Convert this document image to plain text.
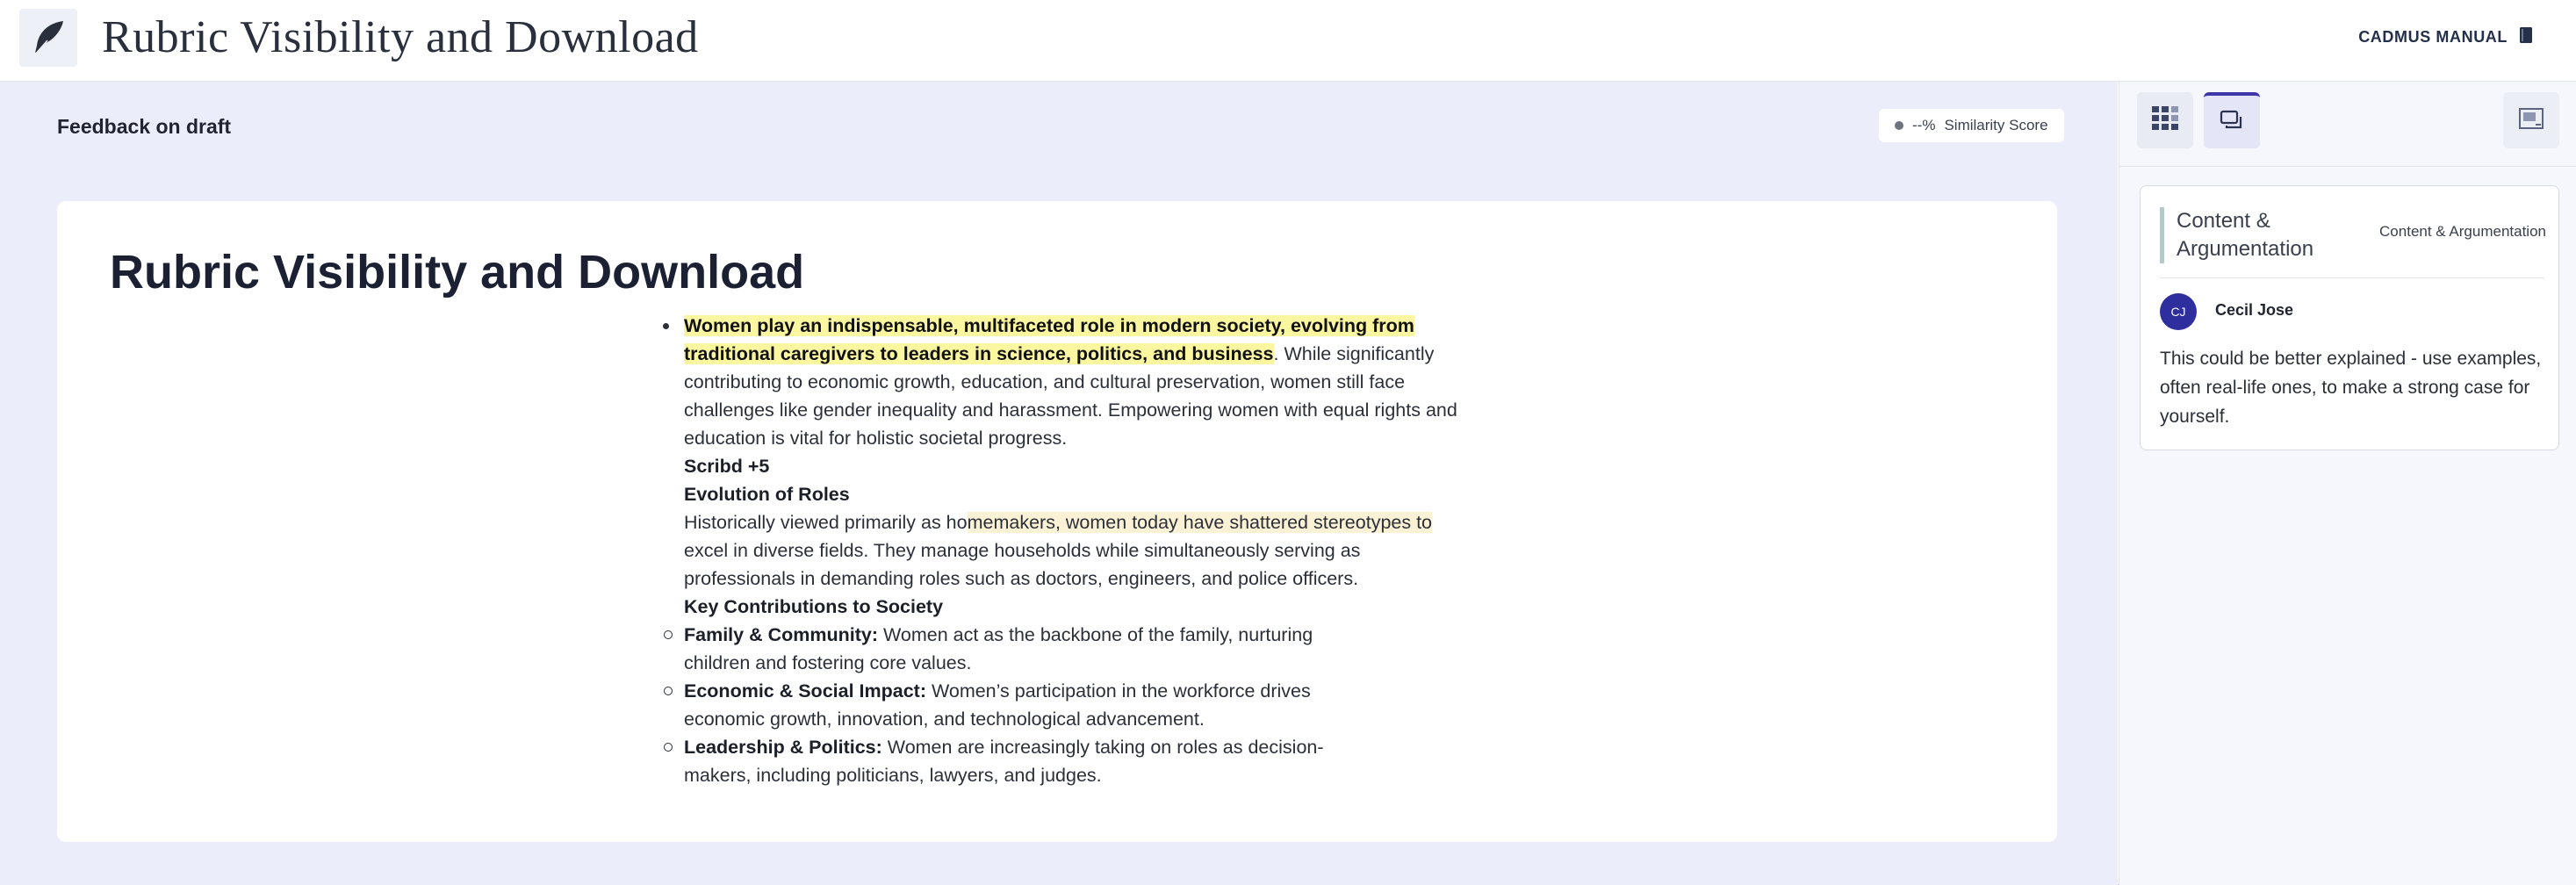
Rubric Visibility and Download	CADMUS MANUAL
Feedback on draft	--% Similarity Score
Rubric Visibility and Download

Women play an indispensable, multifaceted role in modern society, evolving from traditional caregivers to leaders in science, politics, and business. While significantly contributing to economic growth, education, and cultural preservation, women still face challenges like gender inequality and harassment. Empowering women with equal rights and education is vital for holistic societal progress.

Scribd +5

Evolution of Roles

Historically viewed primarily as homemakers, women today have shattered stereotypes to excel in diverse fields. They manage households while simultaneously serving as professionals in demanding roles such as doctors, engineers, and police officers.

Key Contributions to Society

Family & Community: Women act as the backbone of the family, nurturing children and fostering core values.
Economic & Social Impact: Women’s participation in the workforce drives economic growth, innovation, and technological advancement.
Leadership & Politics: Women are increasingly taking on roles as decision-makers, including politicians, lawyers, and judges.
Content & Argumentation
Content & Argumentation
CJ	Cecil Jose
This could be better explained - use examples, often real-life ones, to make a strong case for yourself.
